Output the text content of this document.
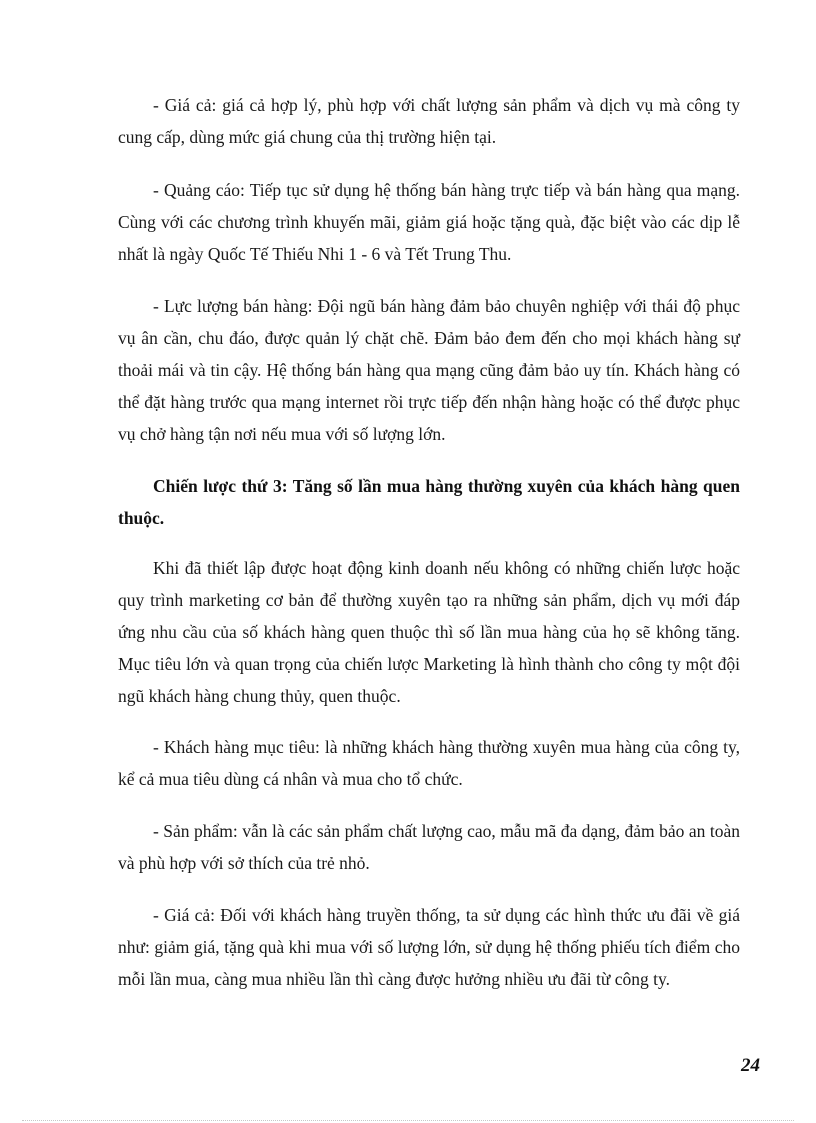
- Giá cả: giá cả hợp lý, phù hợp với chất lượng sản phẩm và dịch vụ mà công ty cung cấp, dùng mức giá chung của thị trường hiện tại.

- Quảng cáo: Tiếp tục sử dụng hệ thống bán hàng trực tiếp và bán hàng qua mạng. Cùng với các chương trình khuyến mãi, giảm giá hoặc tặng quà, đặc biệt vào các dịp lễ nhất là ngày Quốc Tế Thiếu Nhi 1 - 6 và Tết Trung Thu.

- Lực lượng bán hàng: Đội ngũ bán hàng đảm bảo chuyên nghiệp với thái độ phục vụ ân cần, chu đáo, được quản lý chặt chẽ. Đảm bảo đem đến cho mọi khách hàng sự thoải mái và tin cậy. Hệ thống bán hàng qua mạng cũng đảm bảo uy tín. Khách hàng có thể đặt hàng trước qua mạng internet rồi trực tiếp đến nhận hàng hoặc có thể được phục vụ chở hàng tận nơi nếu mua với số lượng lớn.

Chiến lược thứ 3: Tăng số lần mua hàng thường xuyên của khách hàng quen thuộc.

Khi đã thiết lập được hoạt động kinh doanh nếu không có những chiến lược hoặc quy trình marketing cơ bản để thường xuyên tạo ra những sản phẩm, dịch vụ mới đáp ứng nhu cầu của số khách hàng quen thuộc thì số lần mua hàng của họ sẽ không tăng. Mục tiêu lớn và quan trọng của chiến lược Marketing là hình thành cho công ty một đội ngũ khách hàng chung thủy, quen thuộc.

- Khách hàng mục tiêu: là những khách hàng thường xuyên mua hàng của công ty, kể cả mua tiêu dùng cá nhân và mua cho tổ chức.

- Sản phẩm: vẫn là các sản phẩm chất lượng cao, mẫu mã đa dạng, đảm bảo an toàn và phù hợp với sở thích của trẻ nhỏ.

- Giá cả: Đối với khách hàng truyền thống, ta sử dụng các hình thức ưu đãi về giá như: giảm giá, tặng quà khi mua với số lượng lớn, sử dụng hệ thống phiếu tích điểm cho mỗi lần mua, càng mua nhiều lần thì càng được hưởng nhiều ưu đãi từ công ty.

24
